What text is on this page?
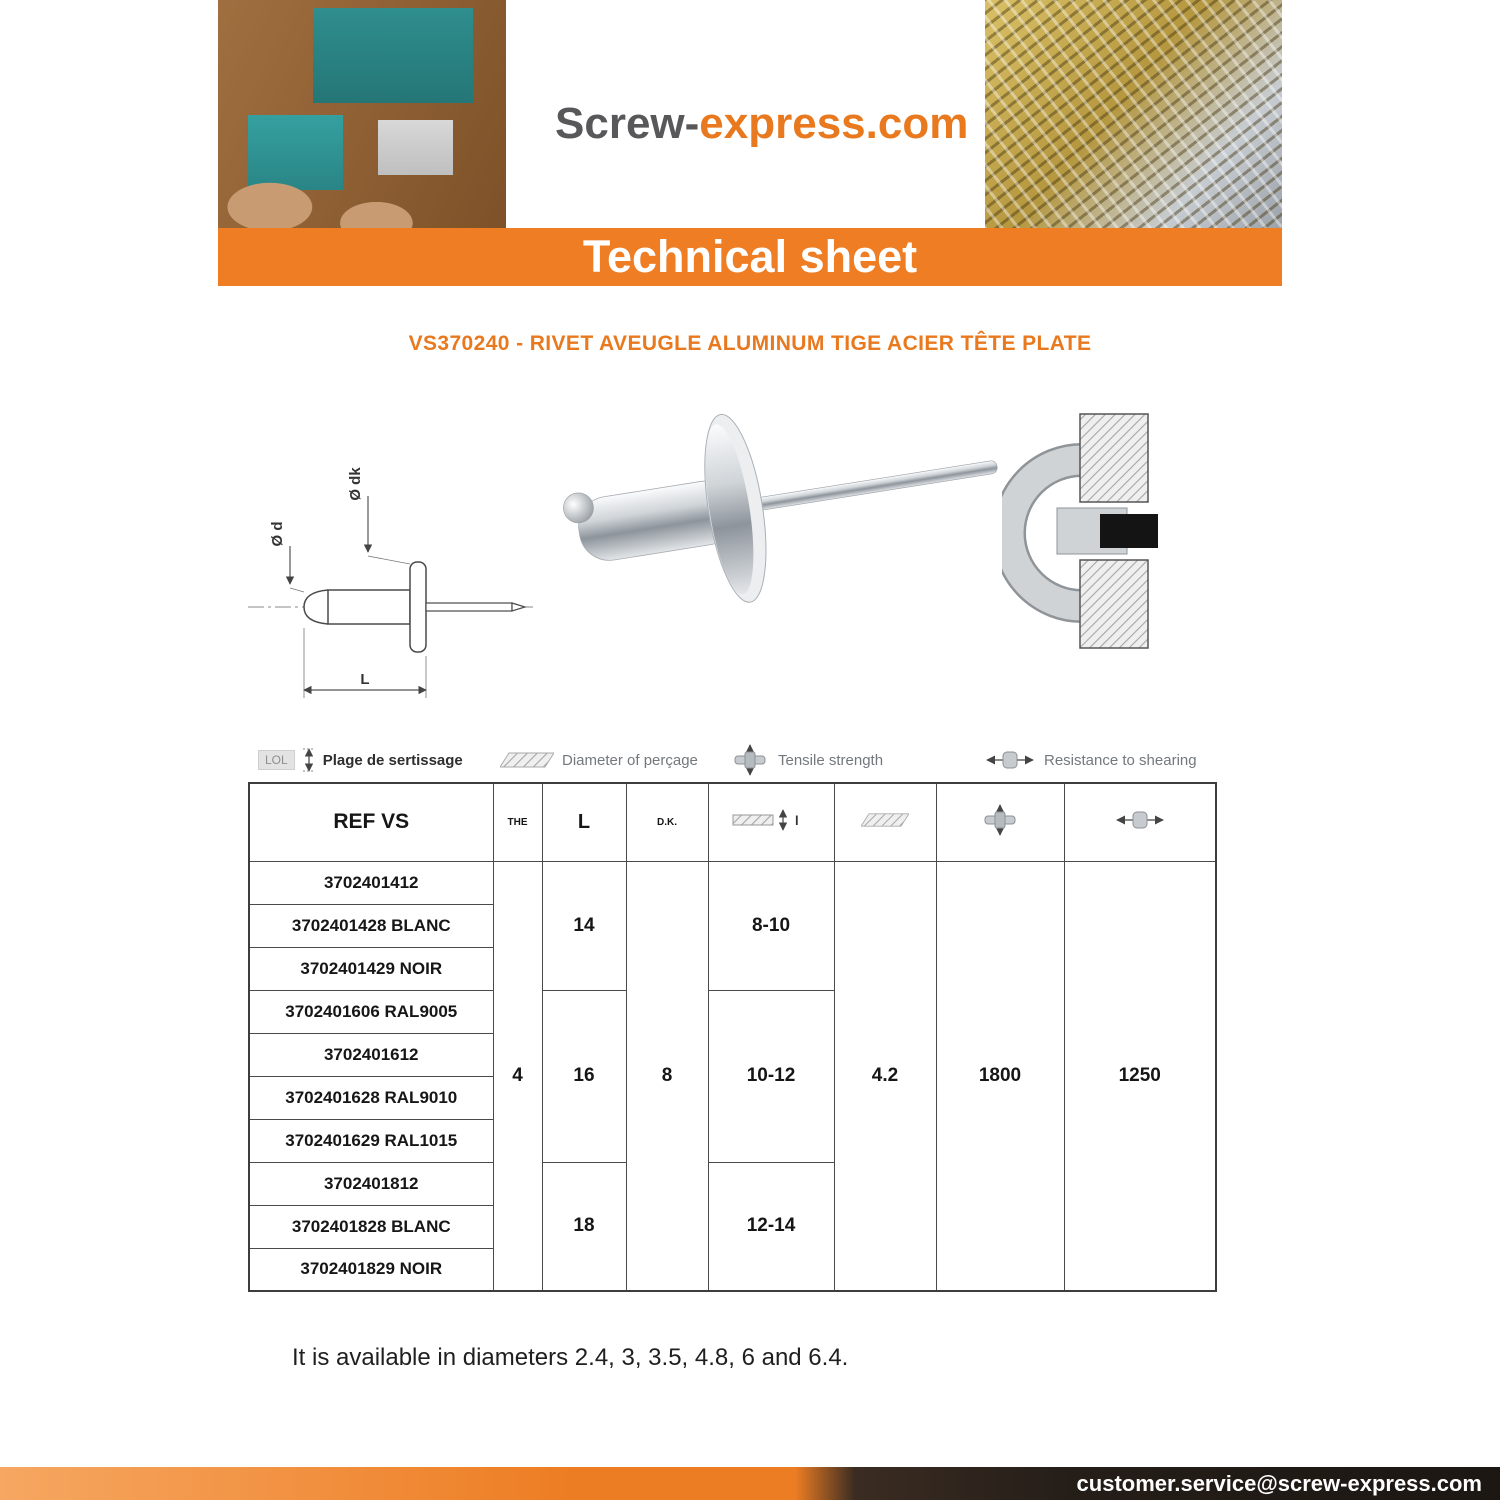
Screw-express.com
Technical sheet
VS370240 - RIVET AVEUGLE ALUMINUM TIGE ACIER TÊTE PLATE
Ø d
Ø dk
L
LOL	Plage de sertissage	Diameter of perçage	Tensile strength	Resistance to shearing
REF VS	THE	L	D.K.	l

3702401412	4	14	8	8-10	4.2	1800	1250
3702401428 BLANC							
3702401429 NOIR							
3702401606 RAL9005		16		10-12			
3702401612							
3702401628 RAL9010							
3702401629 RAL1015							
3702401812		18		12-14			
3702401828 BLANC							
3702401829 NOIR							
It is available in diameters 2.4, 3, 3.5, 4.8, 6 and 6.4.
customer.service@screw-express.com
